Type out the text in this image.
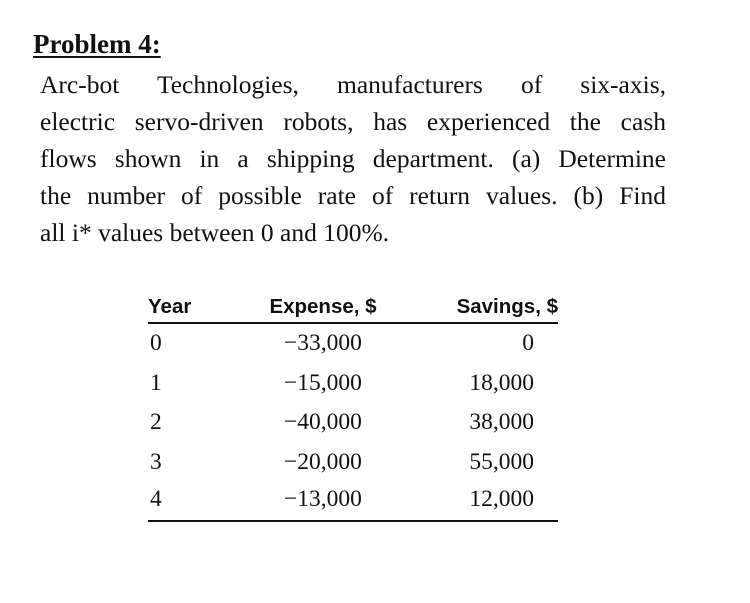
Problem 4:
Arc-bot Technologies, manufacturers of six-axis,
electric servo-driven robots, has experienced the cash
flows shown in a shipping department. (a) Determine
the number of possible rate of return values. (b) Find
all i* values between 0 and 100%.
Year	Expense, $	Savings, $
0	−33,000	0
1	−15,000	18,000
2	−40,000	38,000
3	−20,000	55,000
4	−13,000	12,000
